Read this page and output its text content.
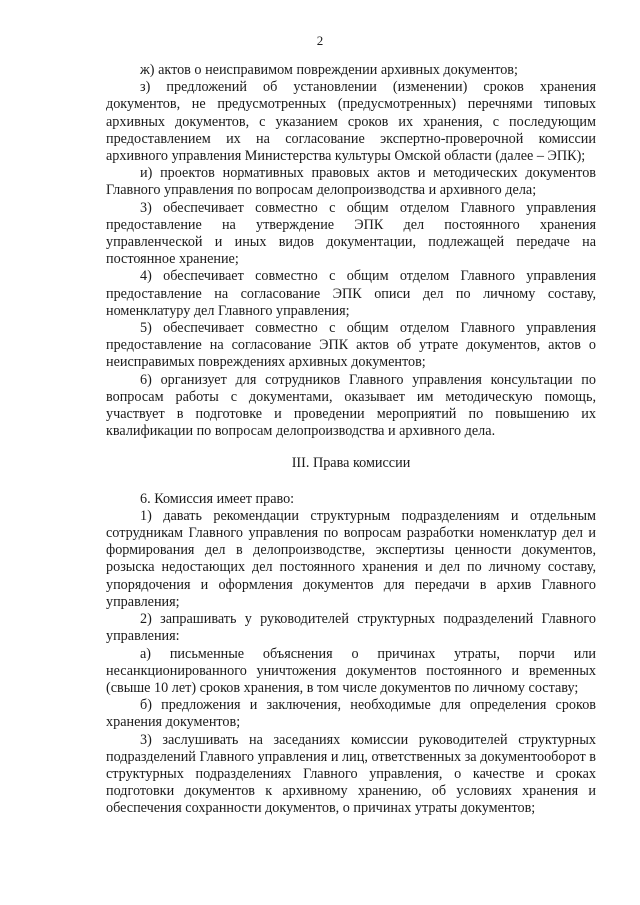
2

ж) актов о неисправимом повреждении архивных документов;

з) предложений об установлении (изменении) сроков хранения документов, не предусмотренных (предусмотренных) перечнями типовых архивных документов, с указанием сроков их хранения, с последующим предоставлением их на согласование экспертно-проверочной комиссии архивного управления Министерства культуры Омской области (далее – ЭПК);

и) проектов нормативных правовых актов и методических документов Главного управления по вопросам делопроизводства и архивного дела;

3) обеспечивает совместно с общим отделом Главного управления предоставление на утверждение ЭПК дел постоянного хранения управленческой и иных видов документации, подлежащей передаче на постоянное хранение;

4) обеспечивает совместно с общим отделом Главного управления предоставление на согласование ЭПК описи дел по личному составу, номенклатуру дел Главного управления;

5) обеспечивает совместно с общим отделом Главного управления предоставление на согласование ЭПК актов об утрате документов, актов о неисправимых повреждениях архивных документов;

6) организует для сотрудников Главного управления консультации по вопросам работы с документами, оказывает им методическую помощь, участвует в подготовке и проведении мероприятий по повышению их квалификации по вопросам делопроизводства и архивного дела.

III. Права комиссии

6. Комиссия имеет право:

1) давать рекомендации структурным подразделениям и отдельным сотрудникам Главного управления по вопросам разработки номенклатур дел и формирования дел в делопроизводстве, экспертизы ценности документов, розыска недостающих дел постоянного хранения и дел по личному составу, упорядочения и оформления документов для передачи в архив Главного управления;

2) запрашивать у руководителей структурных подразделений Главного управления:

а) письменные объяснения о причинах утраты, порчи или несанкционированного уничтожения документов постоянного и временных (свыше 10 лет) сроков хранения, в том числе документов по личному составу;

б) предложения и заключения, необходимые для определения сроков хранения документов;

3) заслушивать на заседаниях комиссии руководителей структурных подразделений Главного управления и лиц, ответственных за документооборот в структурных подразделениях Главного управления, о качестве и сроках подготовки документов к архивному хранению, об условиях хранения и обеспечения сохранности документов, о причинах утраты документов;
